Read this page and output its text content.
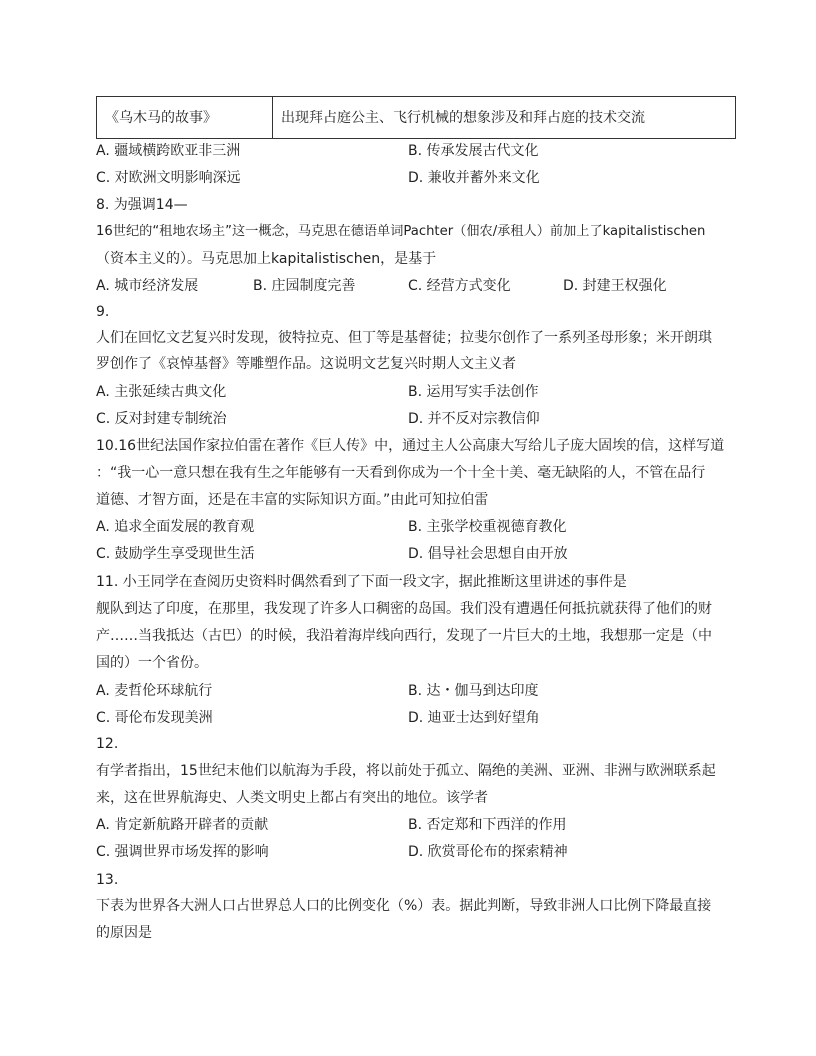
《乌木马的故事》	出现拜占庭公主、飞行机械的想象涉及和拜占庭的技术交流
A. 疆域横跨欧亚非三洲	B. 传承发展古代文化
C. 对欧洲文明影响深远	D. 兼收并蓄外来文化
8. 为强调14—
16世纪的“租地农场主”这一概念，马克思在德语单词Pachter（佃农/承租人）前加上了kapitalistischen
（资本主义的）。马克思加上kapitalistischen，是基于
A. 城市经济发展	B. 庄园制度完善	C. 经营方式变化	D. 封建王权强化
9.
人们在回忆文艺复兴时发现，彼特拉克、但丁等是基督徒；拉斐尔创作了一系列圣母形象；米开朗琪
罗创作了《哀悼基督》等雕塑作品。这说明文艺复兴时期人文主义者
A. 主张延续古典文化	B. 运用写实手法创作
C. 反对封建专制统治	D. 并不反对宗教信仰
10.16世纪法国作家拉伯雷在著作《巨人传》中，通过主人公高康大写给儿子庞大固埃的信，这样写道
：“我一心一意只想在我有生之年能够有一天看到你成为一个十全十美、毫无缺陷的人，不管在品行
道德、才智方面，还是在丰富的实际知识方面。”由此可知拉伯雷
A. 追求全面发展的教育观	B. 主张学校重视德育教化
C. 鼓励学生享受现世生活	D. 倡导社会思想自由开放
11. 小王同学在查阅历史资料时偶然看到了下面一段文字，据此推断这里讲述的事件是
舰队到达了印度，在那里，我发现了许多人口稠密的岛国。我们没有遭遇任何抵抗就获得了他们的财
产……当我抵达（古巴）的时候，我沿着海岸线向西行，发现了一片巨大的土地，我想那一定是（中
国的）一个省份。
A. 麦哲伦环球航行	B. 达・伽马到达印度
C. 哥伦布发现美洲	D. 迪亚士达到好望角
12.
有学者指出，15世纪末他们以航海为手段，将以前处于孤立、隔绝的美洲、亚洲、非洲与欧洲联系起
来，这在世界航海史、人类文明史上都占有突出的地位。该学者
A. 肯定新航路开辟者的贡献	B. 否定郑和下西洋的作用
C. 强调世界市场发挥的影响	D. 欣赏哥伦布的探索精神
13.
下表为世界各大洲人口占世界总人口的比例变化（%）表。据此判断，导致非洲人口比例下降最直接
的原因是
